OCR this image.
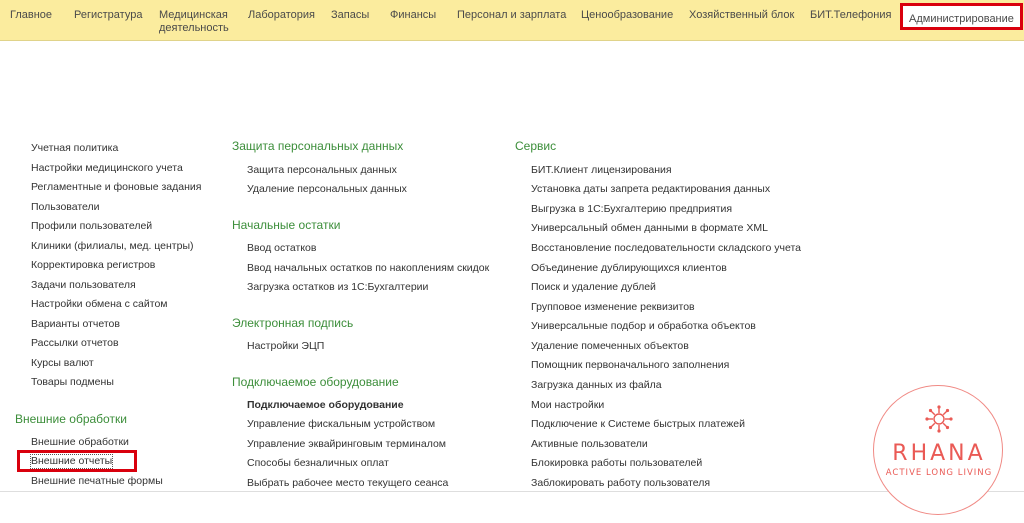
Главное Регистратура Медицинская
деятельность
Лаборатория Запасы Финансы Персонал и зарплата Ценообразование Хозяйственный блок БИТ.Телефония	Администрирование
Учетная политика
Настройки медицинского учета
Регламентные и фоновые задания
Пользователи
Профили пользователей
Клиники (филиалы, мед. центры)
Корректировка регистров
Задачи пользователя
Настройки обмена с сайтом
Варианты отчетов
Рассылки отчетов
Курсы валют
Товары подмены
Внешние обработки
Внешние обработки
Внешние отчеты
Внешние печатные формы
Защита персональных данных
Защита персональных данных
Удаление персональных данных
Начальные остатки
Ввод остатков
Ввод начальных остатков по накоплениям скидок
Загрузка остатков из 1С:Бухгалтерии
Электронная подпись
Настройки ЭЦП
Подключаемое оборудование
Подключаемое оборудование
Управление фискальным устройством
Управление эквайринговым терминалом
Способы безналичных оплат
Выбрать рабочее место текущего сеанса
Сервис
БИТ.Клиент лицензирования
Установка даты запрета редактирования данных
Выгрузка в 1С:Бухгалтерию предприятия
Универсальный обмен данными в формате XML
Восстановление последовательности складского учета
Объединение дублирующихся клиентов
Поиск и удаление дублей
Групповое изменение реквизитов
Универсальные подбор и обработка объектов
Удаление помеченных объектов
Помощник первоначального заполнения
Загрузка данных из файла
Мои настройки
Подключение к Системе быстрых платежей
Активные пользователи
Блокировка работы пользователей
Заблокировать работу пользователя
RHANA
ACTIVE LONG LIVING
